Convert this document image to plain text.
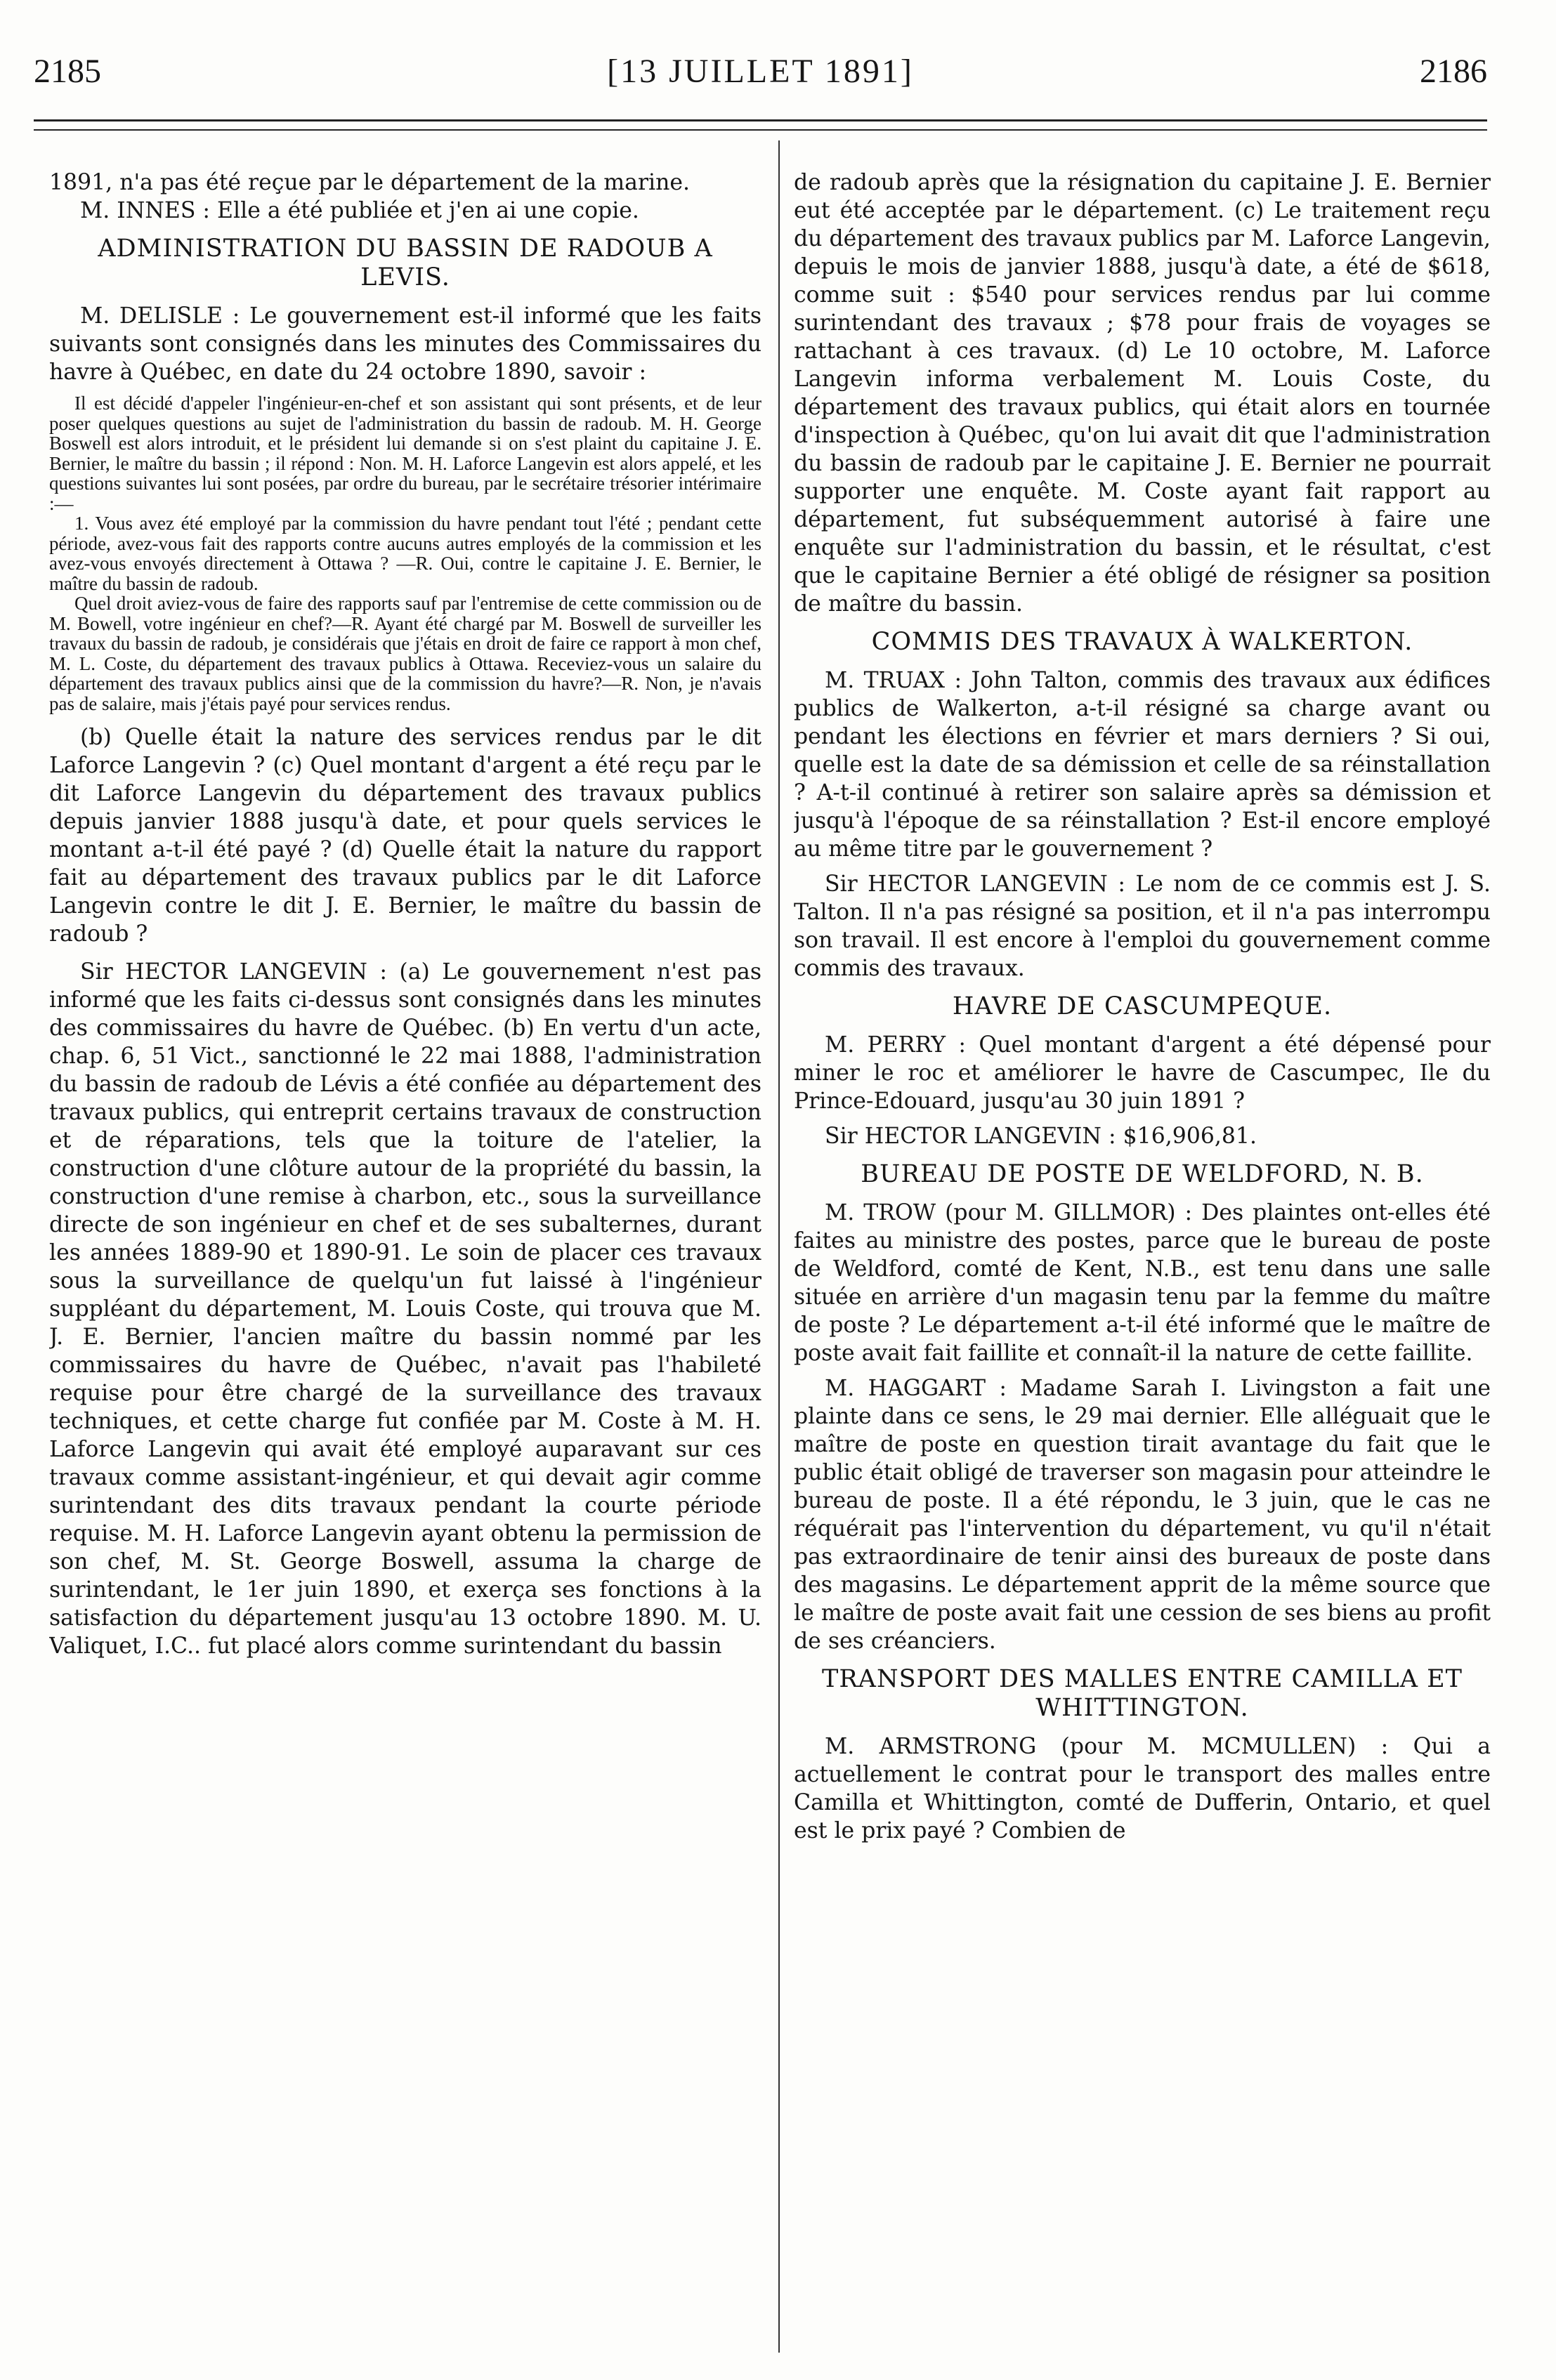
2185	[13 JUILLET 1891]	2186

1891, n'a pas été reçue par le département de la marine.

M. INNES : Elle a été publiée et j'en ai une copie.

ADMINISTRATION DU BASSIN DE RADOUB A LEVIS.

M. DELISLE : Le gouvernement est-il informé que les faits suivants sont consignés dans les minutes des Commissaires du havre à Québec, en date du 24 octobre 1890, savoir :

Il est décidé d'appeler l'ingénieur-en-chef et son assistant qui sont présents, et de leur poser quelques questions au sujet de l'administration du bassin de radoub. M. H. George Boswell est alors introduit, et le président lui demande si on s'est plaint du capitaine J. E. Bernier, le maître du bassin ; il répond : Non. M. H. Laforce Langevin est alors appelé, et les questions suivantes lui sont posées, par ordre du bureau, par le secrétaire trésorier intérimaire :—

1. Vous avez été employé par la commission du havre pendant tout l'été ; pendant cette période, avez-vous fait des rapports contre aucuns autres employés de la commission et les avez-vous envoyés directement à Ottawa ? —R. Oui, contre le capitaine J. E. Bernier, le maître du bassin de radoub.

Quel droit aviez-vous de faire des rapports sauf par l'entremise de cette commission ou de M. Bowell, votre ingénieur en chef?—R. Ayant été chargé par M. Boswell de surveiller les travaux du bassin de radoub, je considérais que j'étais en droit de faire ce rapport à mon chef, M. L. Coste, du département des travaux publics à Ottawa. Receviez-vous un salaire du département des travaux publics ainsi que de la commission du havre?—R. Non, je n'avais pas de salaire, mais j'étais payé pour services rendus.

(b) Quelle était la nature des services rendus par le dit Laforce Langevin ? (c) Quel montant d'argent a été reçu par le dit Laforce Langevin du département des travaux publics depuis janvier 1888 jusqu'à date, et pour quels services le montant a-t-il été payé ? (d) Quelle était la nature du rapport fait au département des travaux publics par le dit Laforce Langevin contre le dit J. E. Bernier, le maître du bassin de radoub ?

Sir HECTOR LANGEVIN : (a) Le gouvernement n'est pas informé que les faits ci-dessus sont consignés dans les minutes des commissaires du havre de Québec. (b) En vertu d'un acte, chap. 6, 51 Vict., sanctionné le 22 mai 1888, l'administration du bassin de radoub de Lévis a été confiée au département des travaux publics, qui entreprit certains travaux de construction et de réparations, tels que la toiture de l'atelier, la construction d'une clôture autour de la propriété du bassin, la construction d'une remise à charbon, etc., sous la surveillance directe de son ingénieur en chef et de ses subalternes, durant les années 1889-90 et 1890-91. Le soin de placer ces travaux sous la surveillance de quelqu'un fut laissé à l'ingénieur suppléant du département, M. Louis Coste, qui trouva que M. J. E. Bernier, l'ancien maître du bassin nommé par les commissaires du havre de Québec, n'avait pas l'habileté requise pour être chargé de la surveillance des travaux techniques, et cette charge fut confiée par M. Coste à M. H. Laforce Langevin qui avait été employé auparavant sur ces travaux comme assistant-ingénieur, et qui devait agir comme surintendant des dits travaux pendant la courte période requise. M. H. Laforce Langevin ayant obtenu la permission de son chef, M. St. George Boswell, assuma la charge de surintendant, le 1er juin 1890, et exerça ses fonctions à la satisfaction du département jusqu'au 13 octobre 1890. M. U. Valiquet, I.C.. fut placé alors comme surintendant du bassin

de radoub après que la résignation du capitaine J. E. Bernier eut été acceptée par le département. (c) Le traitement reçu du département des travaux publics par M. Laforce Langevin, depuis le mois de janvier 1888, jusqu'à date, a été de $618, comme suit : $540 pour services rendus par lui comme surintendant des travaux ; $78 pour frais de voyages se rattachant à ces travaux. (d) Le 10 octobre, M. Laforce Langevin informa verbalement M. Louis Coste, du département des travaux publics, qui était alors en tournée d'inspection à Québec, qu'on lui avait dit que l'administration du bassin de radoub par le capitaine J. E. Bernier ne pourrait supporter une enquête. M. Coste ayant fait rapport au département, fut subséquemment autorisé à faire une enquête sur l'administration du bassin, et le résultat, c'est que le capitaine Bernier a été obligé de résigner sa position de maître du bassin.

COMMIS DES TRAVAUX À WALKERTON.

M. TRUAX : John Talton, commis des travaux aux édifices publics de Walkerton, a-t-il résigné sa charge avant ou pendant les élections en février et mars derniers ? Si oui, quelle est la date de sa démission et celle de sa réinstallation ? A-t-il continué à retirer son salaire après sa démission et jusqu'à l'époque de sa réinstallation ? Est-il encore employé au même titre par le gouvernement ?

Sir HECTOR LANGEVIN : Le nom de ce commis est J. S. Talton. Il n'a pas résigné sa position, et il n'a pas interrompu son travail. Il est encore à l'emploi du gouvernement comme commis des travaux.

HAVRE DE CASCUMPEQUE.

M. PERRY : Quel montant d'argent a été dépensé pour miner le roc et améliorer le havre de Cascumpec, Ile du Prince-Edouard, jusqu'au 30 juin 1891 ?

Sir HECTOR LANGEVIN : $16,906,81.

BUREAU DE POSTE DE WELDFORD, N. B.

M. TROW (pour M. GILLMOR) : Des plaintes ont-elles été faites au ministre des postes, parce que le bureau de poste de Weldford, comté de Kent, N.B., est tenu dans une salle située en arrière d'un magasin tenu par la femme du maître de poste ? Le département a-t-il été informé que le maître de poste avait fait faillite et connaît-il la nature de cette faillite.

M. HAGGART : Madame Sarah I. Livingston a fait une plainte dans ce sens, le 29 mai dernier. Elle alléguait que le maître de poste en question tirait avantage du fait que le public était obligé de traverser son magasin pour atteindre le bureau de poste. Il a été répondu, le 3 juin, que le cas ne réquérait pas l'intervention du département, vu qu'il n'était pas extraordinaire de tenir ainsi des bureaux de poste dans des magasins. Le département apprit de la même source que le maître de poste avait fait une cession de ses biens au profit de ses créanciers.

TRANSPORT DES MALLES ENTRE CAMILLA ET WHITTINGTON.

M. ARMSTRONG (pour M. MCMULLEN) : Qui a actuellement le contrat pour le transport des malles entre Camilla et Whittington, comté de Dufferin, Ontario, et quel est le prix payé ? Combien de
